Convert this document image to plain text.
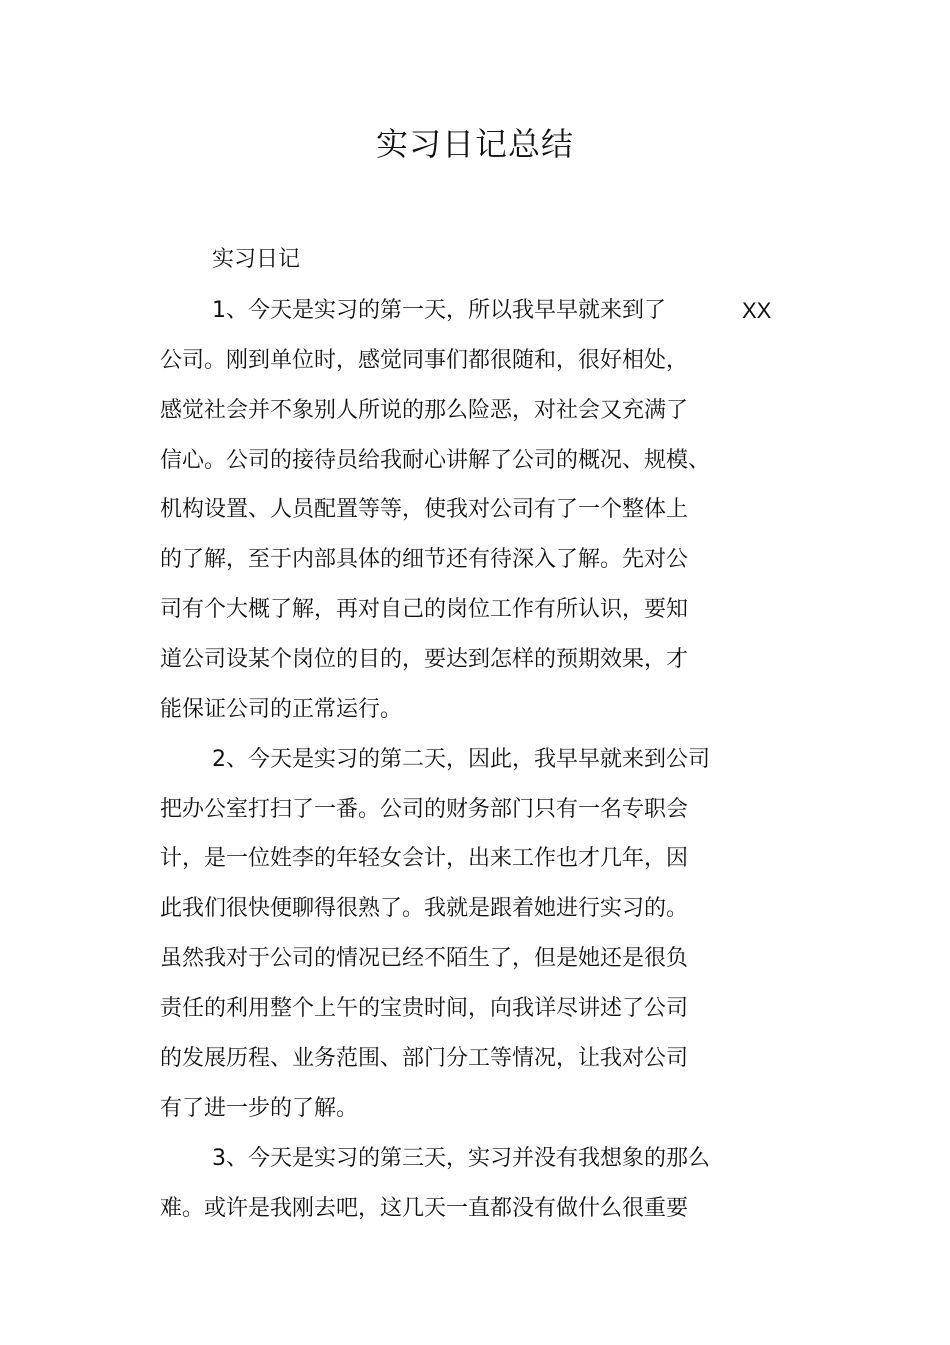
实习日记总结

实习日记

1、今天是实习的第一天，所以我早早就来到了	XX

公司。刚到单位时，感觉同事们都很随和，很好相处，

感觉社会并不象别人所说的那么险恶，对社会又充满了

信心。公司的接待员给我耐心讲解了公司的概况、规模、

机构设置、人员配置等等，使我对公司有了一个整体上

的了解，至于内部具体的细节还有待深入了解。先对公

司有个大概了解，再对自己的岗位工作有所认识，要知

道公司设某个岗位的目的，要达到怎样的预期效果，才

能保证公司的正常运行。

2、今天是实习的第二天，因此，我早早就来到公司

把办公室打扫了一番。公司的财务部门只有一名专职会

计，是一位姓李的年轻女会计，出来工作也才几年，因

此我们很快便聊得很熟了。我就是跟着她进行实习的。

虽然我对于公司的情况已经不陌生了，但是她还是很负

责任的利用整个上午的宝贵时间，向我详尽讲述了公司

的发展历程、业务范围、部门分工等情况，让我对公司

有了进一步的了解。

3、今天是实习的第三天，实习并没有我想象的那么

难。或许是我刚去吧，这几天一直都没有做什么很重要
